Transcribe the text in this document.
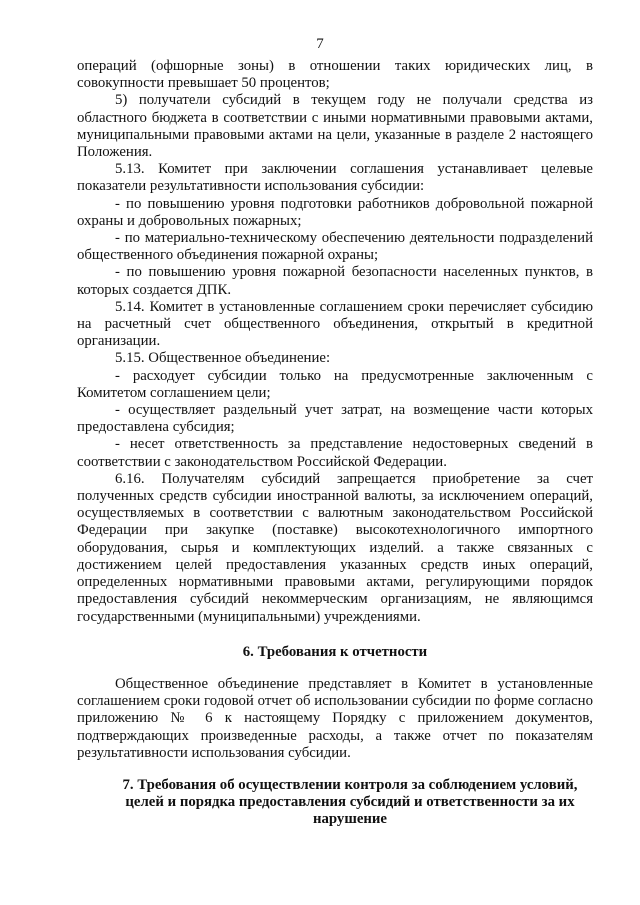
7

операций (офшорные зоны) в отношении таких юридических лиц, в совокупности превышает 50 процентов;

5) получатели субсидий в текущем году не получали средства из областного бюджета в соответствии с иными нормативными правовыми актами, муниципальными правовыми актами на цели, указанные в разделе 2 настоящего Положения.

5.13. Комитет при заключении соглашения устанавливает целевые показатели результативности использования субсидии:

- по повышению уровня подготовки работников добровольной пожарной охраны и добровольных пожарных;

- по материально-техническому обеспечению деятельности подразделений общественного объединения пожарной охраны;

- по повышению уровня пожарной безопасности населенных пунктов, в которых создается ДПК.

5.14. Комитет в установленные соглашением сроки перечисляет субсидию на расчетный счет общественного объединения, открытый в кредитной организации.

5.15. Общественное объединение:

- расходует субсидии только на предусмотренные заключенным с Комитетом соглашением цели;

- осуществляет раздельный учет затрат, на возмещение части которых предоставлена субсидия;

- несет ответственность за представление недостоверных сведений в соответствии с законодательством Российской Федерации.

6.16. Получателям субсидий запрещается приобретение за счет полученных средств субсидии иностранной валюты, за исключением операций, осуществляемых в соответствии с валютным законодательством Российской Федерации при закупке (поставке) высокотехнологичного импортного оборудования, сырья и комплектующих изделий. а также связанных с достижением целей предоставления указанных средств иных операций, определенных нормативными правовыми актами, регулирующими порядок предоставления субсидий некоммерческим организациям, не являющимся государственными (муниципальными) учреждениями.

6. Требования к отчетности

Общественное объединение представляет в Комитет в установленные соглашением сроки годовой отчет об использовании субсидии по форме согласно приложению № 6 к настоящему Порядку с приложением документов, подтверждающих произведенные расходы, а также отчет по показателям результативности использования субсидии.

7. Требования об осуществлении контроля за соблюдением условий, целей и порядка предоставления субсидий и ответственности за их нарушение
